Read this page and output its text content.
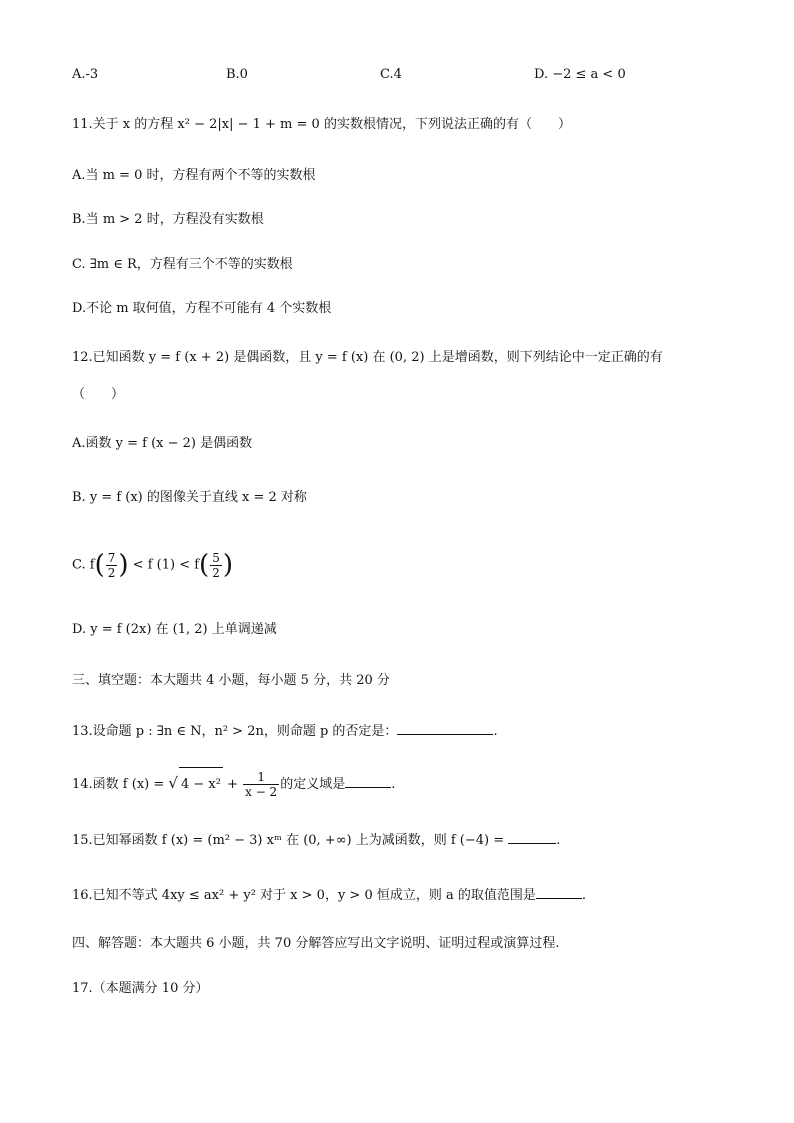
A.-3	B.0	C.4	D. −2 ≤ a < 0
11.关于 x 的方程 x² − 2|x| − 1 + m = 0 的实数根情况，下列说法正确的有（　　）
A.当 m = 0 时，方程有两个不等的实数根
B.当 m > 2 时，方程没有实数根
C. ∃m ∈ R，方程有三个不等的实数根
D.不论 m 取何值，方程不可能有 4 个实数根
12.已知函数 y = f (x + 2) 是偶函数，且 y = f (x) 在 (0, 2) 上是增函数，则下列结论中一定正确的有
（　　）
A.函数 y = f (x − 2) 是偶函数
B. y = f (x) 的图像关于直线 x = 2 对称
C. $f( \frac{7}{2}$ ) < f $(1) < f( \frac{5}{2}$ )
D. y = f (2x) 在 (1, 2) 上单调递减
三、填空题：本大题共 4 小题，每小题 5 分，共 20 分
13.设命题 p : ∃n ∈ N，n² > 2n，则命题 p 的否定是：	.
14.函数 f (x) = √ $4 - x^2 + \frac{1}{x - 2}$ 的定义域是	.
15.已知幂函数 f (x) = (m² − 3) xᵐ 在 (0, +∞) 上为减函数，则 f (−4) =	.
16.已知不等式 4xy ≤ ax² + y² 对于 x > 0，y > 0 恒成立，则 a 的取值范围是	.
四、解答题：本大题共 6 小题，共 70 分解答应写出文字说明、证明过程或演算过程.
17.（本题满分 10 分）
